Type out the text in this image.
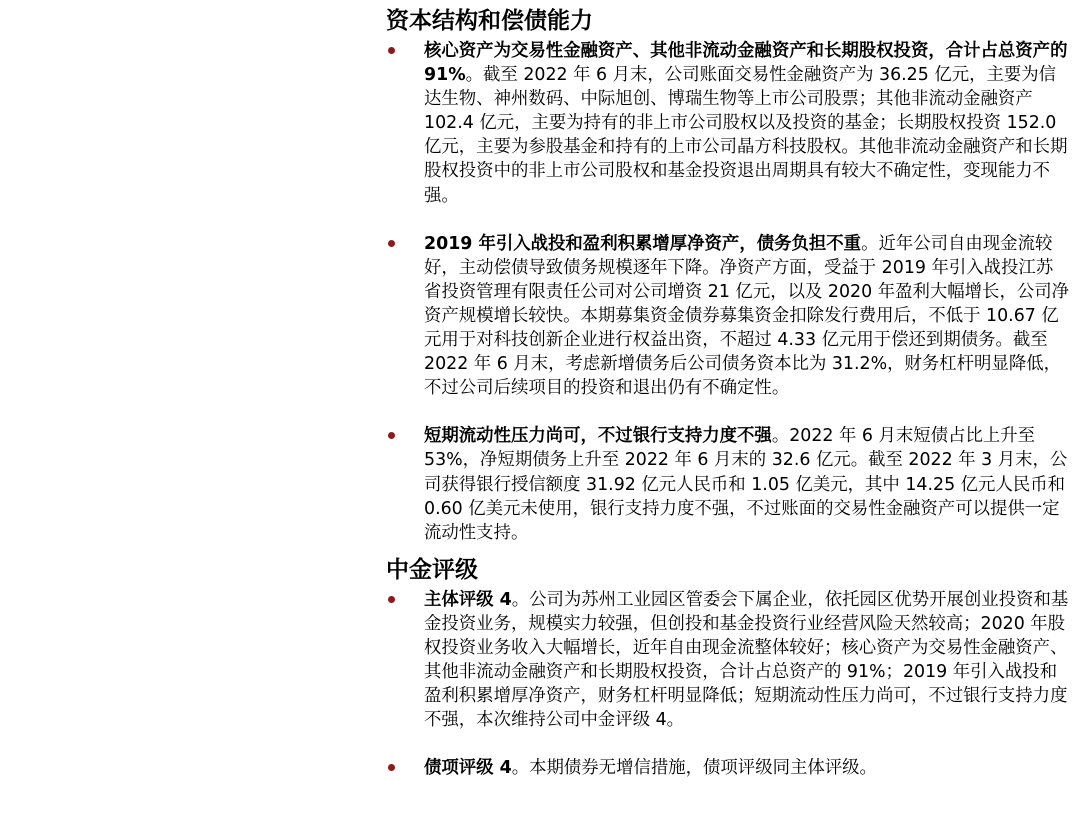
资本结构和偿债能力
核心资产为交易性金融资产、其他非流动金融资产和长期股权投资，合计占总资产的 91%。截至 2022 年 6 月末，公司账面交易性金融资产为 36.25 亿元，主要为信达生物、神州数码、中际旭创、博瑞生物等上市公司股票；其他非流动金融资产 102.4 亿元，主要为持有的非上市公司股权以及投资的基金；长期股权投资 152.0 亿元，主要为参股基金和持有的上市公司晶方科技股权。其他非流动金融资产和长期股权投资中的非上市公司股权和基金投资退出周期具有较大不确定性，变现能力不强。
2019 年引入战投和盈利积累增厚净资产，债务负担不重。近年公司自由现金流较好，主动偿债导致债务规模逐年下降。净资产方面，受益于 2019 年引入战投江苏省投资管理有限责任公司对公司增资 21 亿元，以及 2020 年盈利大幅增长，公司净资产规模增长较快。本期募集资金债券募集资金扣除发行费用后，不低于 10.67 亿元用于对科技创新企业进行权益出资，不超过 4.33 亿元用于偿还到期债务。截至 2022 年 6 月末，考虑新增债务后公司债务资本比为 31.2%，财务杠杆明显降低，不过公司后续项目的投资和退出仍有不确定性。
短期流动性压力尚可，不过银行支持力度不强。2022 年 6 月末短债占比上升至 53%，净短期债务上升至 2022 年 6 月末的 32.6 亿元。截至 2022 年 3 月末，公司获得银行授信额度 31.92 亿元人民币和 1.05 亿美元，其中 14.25 亿元人民币和 0.60 亿美元未使用，银行支持力度不强，不过账面的交易性金融资产可以提供一定流动性支持。
中金评级
主体评级 4。公司为苏州工业园区管委会下属企业，依托园区优势开展创业投资和基金投资业务，规模实力较强，但创投和基金投资行业经营风险天然较高；2020 年股权投资业务收入大幅增长，近年自由现金流整体较好；核心资产为交易性金融资产、其他非流动金融资产和长期股权投资，合计占总资产的 91%；2019 年引入战投和盈利积累增厚净资产，财务杠杆明显降低；短期流动性压力尚可，不过银行支持力度不强，本次维持公司中金评级 4。
债项评级 4。本期债券无增信措施，债项评级同主体评级。
